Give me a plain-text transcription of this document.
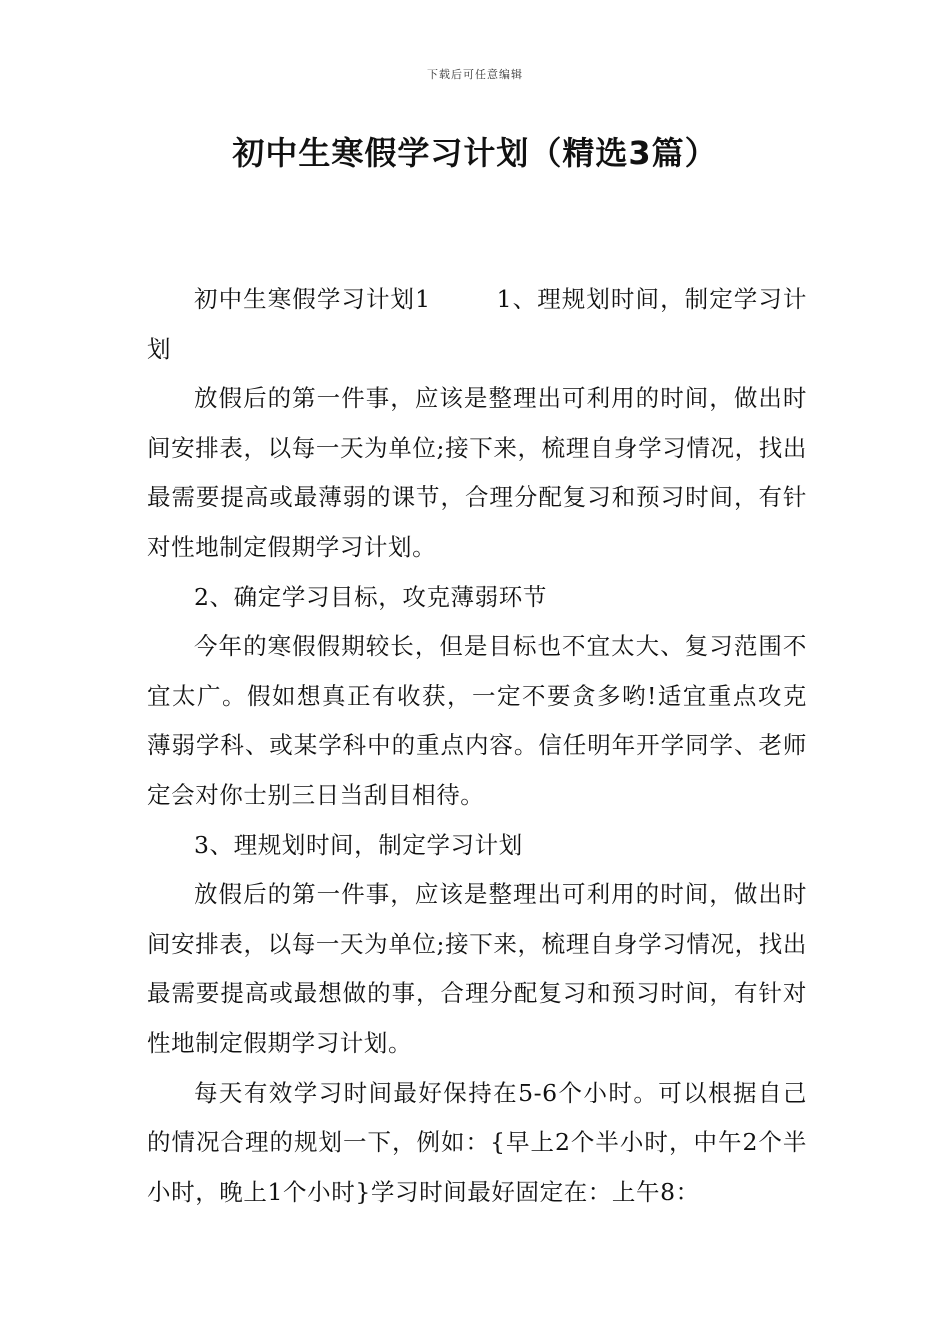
下载后可任意编辑
初中生寒假学习计划（精选3篇）

初中生寒假学习计划1	1、理规划时间，制定学习计划

放假后的第一件事，应该是整理出可利用的时间，做出时间安排表，以每一天为单位;接下来，梳理自身学习情况，找出最需要提高或最薄弱的课节，合理分配复习和预习时间，有针对性地制定假期学习计划。

2、确定学习目标，攻克薄弱环节

今年的寒假假期较长，但是目标也不宜太大、复习范围不宜太广。假如想真正有收获，一定不要贪多哟!适宜重点攻克薄弱学科、或某学科中的重点内容。信任明年开学同学、老师定会对你士别三日当刮目相待。

3、理规划时间，制定学习计划

放假后的第一件事，应该是整理出可利用的时间，做出时间安排表，以每一天为单位;接下来，梳理自身学习情况，找出最需要提高或最想做的事，合理分配复习和预习时间，有针对性地制定假期学习计划。

每天有效学习时间最好保持在5-6个小时。可以根据自己的情况合理的规划一下，例如：{早上2个半小时，中午2个半小时，晚上1个小时}学习时间最好固定在：上午8：
